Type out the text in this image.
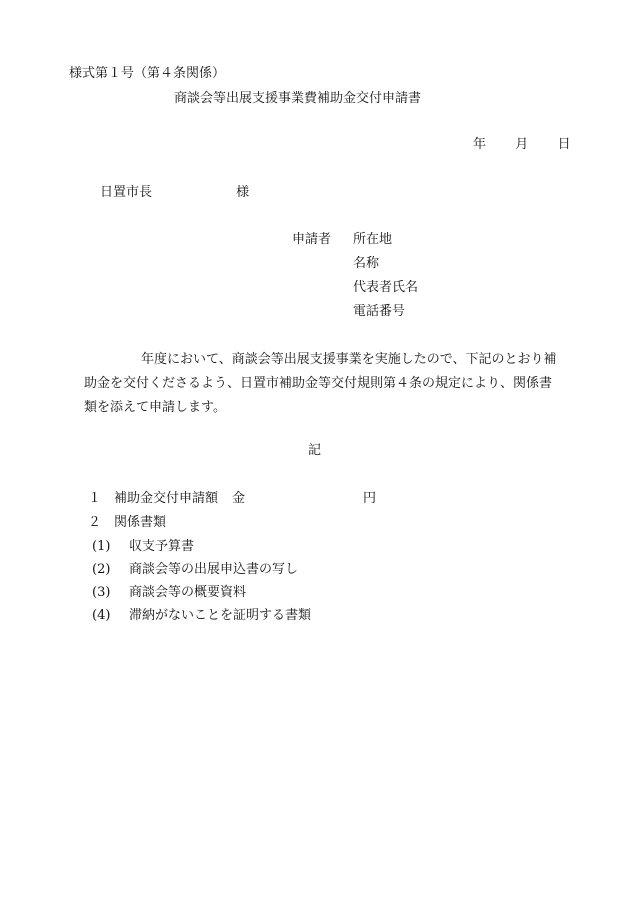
様式第１号（第４条関係）
商談会等出展支援事業費補助金交付申請書
年 月 日
日置市長	様
申請者 所在地
名称
代表者氏名
電話番号
年度において、商談会等出展支援事業を実施したので、下記のとおり補助金を交付くださるよう、日置市補助金等交付規則第４条の規定により、関係書類を添えて申請します。
記
１ 補助金交付申請額 金	円
２ 関係書類
(1) 収支予算書
(2) 商談会等の出展申込書の写し
(3) 商談会等の概要資料
(4) 滞納がないことを証明する書類
